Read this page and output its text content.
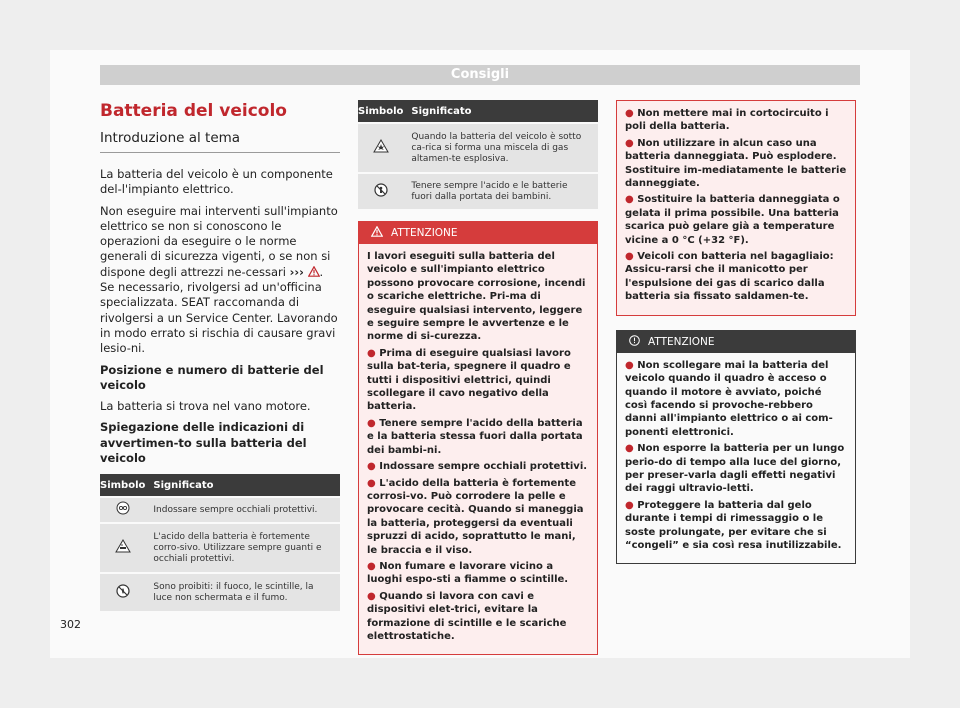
Consigli
Batteria del veicolo
Introduzione al tema

La batteria del veicolo è un componente del-l'impianto elettrico.

Non eseguire mai interventi sull'impianto elettrico se non si conoscono le operazioni da eseguire o le norme generali di sicurezza vigenti, o se non si dispone degli attrezzi ne-cessari ››› . Se necessario, rivolgersi ad un'officina specializzata. SEAT raccomanda di rivolgersi a un Service Center. Lavorando in modo errato si rischia di causare gravi lesio-ni.

Posizione e numero di batterie del veicolo

La batteria si trova nel vano motore.

Spiegazione delle indicazioni di avvertimen-to sulla batteria del veicolo

Simbolo	Significato
	Indossare sempre occhiali protettivi.
	L'acido della batteria è fortemente corro-sivo. Utilizzare sempre guanti e occhiali protettivi.
	Sono proibiti: il fuoco, le scintille, la luce non schermata e il fumo.
Simbolo	Significato
	Quando la batteria del veicolo è sotto ca-rica si forma una miscela di gas altamen-te esplosiva.
	Tenere sempre l'acido e le batterie fuori dalla portata dei bambini.
ATTENZIONE

I lavori eseguiti sulla batteria del veicolo e sull'impianto elettrico possono provocare corrosione, incendi o scariche elettriche. Pri-ma di eseguire qualsiasi intervento, leggere e seguire sempre le avvertenze e le norme di si-curezza.

● Prima di eseguire qualsiasi lavoro sulla bat-teria, spegnere il quadro e tutti i dispositivi elettrici, quindi scollegare il cavo negativo della batteria.

● Tenere sempre l'acido della batteria e la batteria stessa fuori dalla portata dei bambi-ni.

● Indossare sempre occhiali protettivi.

● L'acido della batteria è fortemente corrosi-vo. Può corrodere la pelle e provocare cecità. Quando si maneggia la batteria, proteggersi da eventuali spruzzi di acido, soprattutto le mani, le braccia e il viso.

● Non fumare e lavorare vicino a luoghi espo-sti a fiamme o scintille.

● Quando si lavora con cavi e dispositivi elet-trici, evitare la formazione di scintille e le scariche elettrostatiche.

● Non mettere mai in cortocircuito i poli della batteria.

● Non utilizzare in alcun caso una batteria danneggiata. Può esplodere. Sostituire im-mediatamente le batterie danneggiate.

● Sostituire la batteria danneggiata o gelata il prima possibile. Una batteria scarica può gelare già a temperature vicine a 0 °C (+32 °F).

● Veicoli con batteria nel bagagliaio: Assicu-rarsi che il manicotto per l'espulsione dei gas di scarico dalla batteria sia fissato saldamen-te.

ATTENZIONE

● Non scollegare mai la batteria del veicolo quando il quadro è acceso o quando il motore è avviato, poiché così facendo si provoche-rebbero danni all'impianto elettrico o ai com-ponenti elettronici.

● Non esporre la batteria per un lungo perio-do di tempo alla luce del giorno, per preser-varla dagli effetti negativi dei raggi ultravio-letti.

● Proteggere la batteria dal gelo durante i tempi di rimessaggio o le soste prolungate, per evitare che si “congeli” e sia così resa inutilizzabile.

302
